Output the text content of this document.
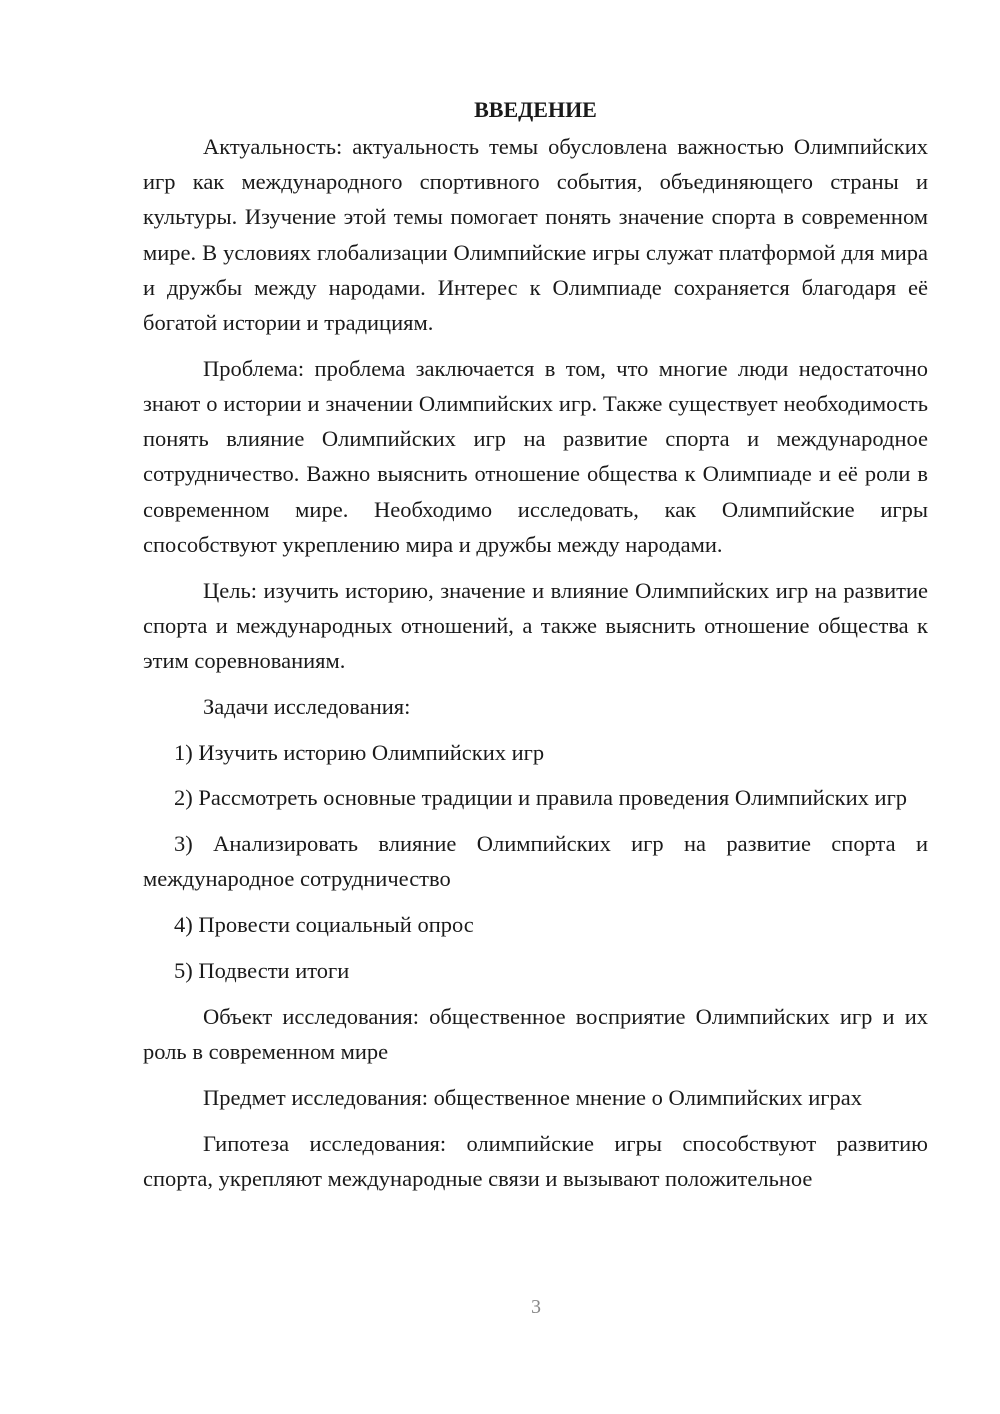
ВВЕДЕНИЕ

Актуальность: актуальность темы обусловлена важностью Олимпийских игр как международного спортивного события, объединяющего страны и культуры. Изучение этой темы помогает понять значение спорта в современном мире. В условиях глобализации Олимпийские игры служат платформой для мира и дружбы между народами. Интерес к Олимпиаде сохраняется благодаря её богатой истории и традициям.

Проблема: проблема заключается в том, что многие люди недостаточно знают о истории и значении Олимпийских игр. Также существует необходимость понять влияние Олимпийских игр на развитие спорта и международное сотрудничество. Важно выяснить отношение общества к Олимпиаде и её роли в современном мире. Необходимо исследовать, как Олимпийские игры способствуют укреплению мира и дружбы между народами.

Цель: изучить историю, значение и влияние Олимпийских игр на развитие спорта и международных отношений, а также выяснить отношение общества к этим соревнованиям.

Задачи исследования:

1) Изучить историю Олимпийских игр

2) Рассмотреть основные традиции и правила проведения Олимпийских игр

3) Анализировать влияние Олимпийских игр на развитие спорта и международное сотрудничество

4) Провести социальный опрос

5) Подвести итоги

Объект исследования: общественное восприятие Олимпийских игр и их роль в современном мире

Предмет исследования: общественное мнение о Олимпийских играх

Гипотеза исследования: олимпийские игры способствуют развитию спорта, укрепляют международные связи и вызывают положительное

3
